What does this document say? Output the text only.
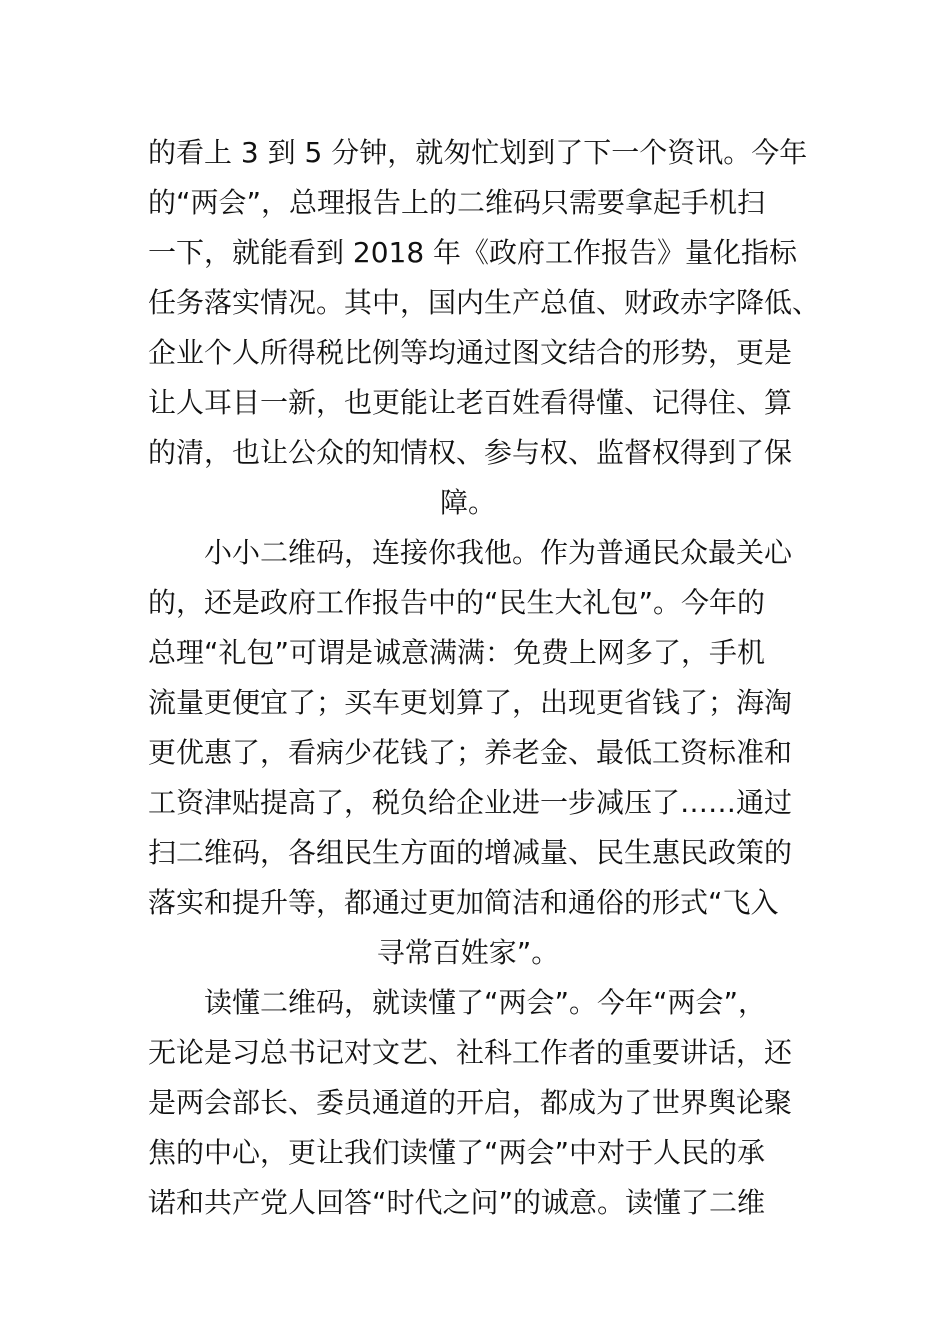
的看上 3 到 5 分钟，就匆忙划到了下一个资讯。今年
的“两会”，总理报告上的二维码只需要拿起手机扫
一下，就能看到 2018 年《政府工作报告》量化指标
任务落实情况。其中，国内生产总值、财政赤字降低、
企业个人所得税比例等均通过图文结合的形势，更是
让人耳目一新，也更能让老百姓看得懂、记得住、算
的清，也让公众的知情权、参与权、监督权得到了保
障。
　　小小二维码，连接你我他。作为普通民众最关心
的，还是政府工作报告中的“民生大礼包”。今年的
总理“礼包”可谓是诚意满满：免费上网多了，手机
流量更便宜了；买车更划算了，出现更省钱了；海淘
更优惠了，看病少花钱了；养老金、最低工资标准和
工资津贴提高了，税负给企业进一步减压了……通过
扫二维码，各组民生方面的增减量、民生惠民政策的
落实和提升等，都通过更加简洁和通俗的形式“飞入
寻常百姓家”。
　　读懂二维码，就读懂了“两会”。今年“两会”，
无论是习总书记对文艺、社科工作者的重要讲话，还
是两会部长、委员通道的开启，都成为了世界舆论聚
焦的中心，更让我们读懂了“两会”中对于人民的承
诺和共产党人回答“时代之问”的诚意。读懂了二维
